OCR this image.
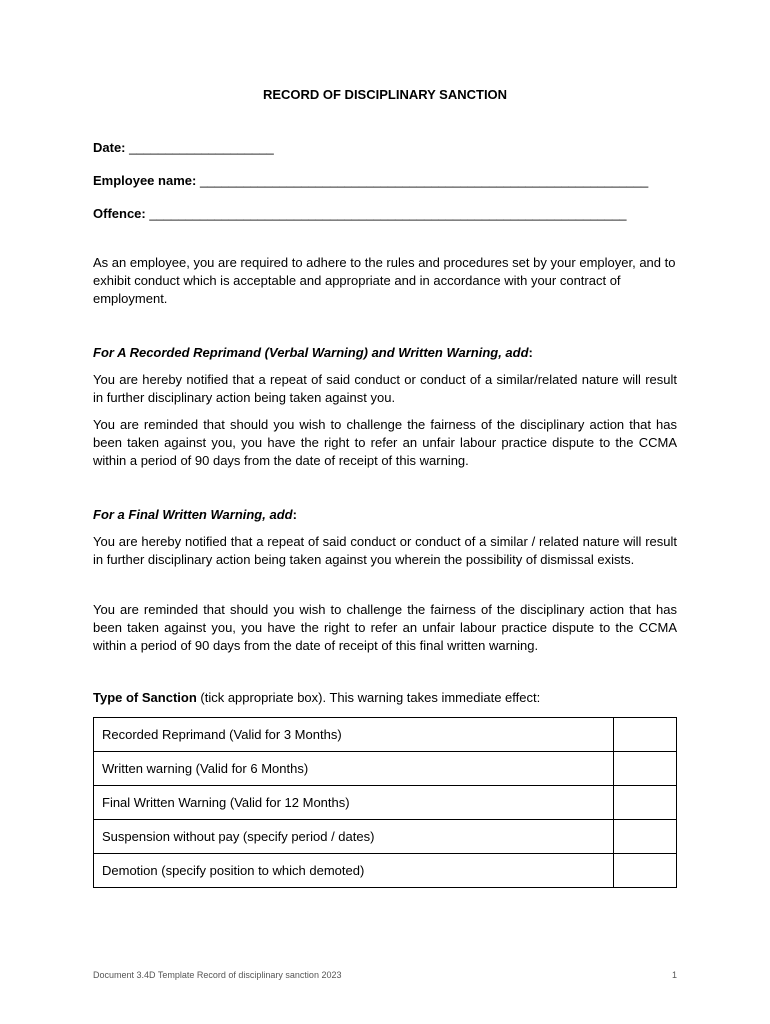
RECORD OF DISCIPLINARY SANCTION
Date: ____________________
Employee name: ______________________________________________________________
Offence: __________________________________________________________________

As an employee, you are required to adhere to the rules and procedures set by your employer, and to exhibit conduct which is acceptable and appropriate and in accordance with your contract of employment.

For A Recorded Reprimand (Verbal Warning) and Written Warning, add:

You are hereby notified that a repeat of said conduct or conduct of a similar/related nature will result in further disciplinary action being taken against you.

You are reminded that should you wish to challenge the fairness of the disciplinary action that has been taken against you, you have the right to refer an unfair labour practice dispute to the CCMA within a period of 90 days from the date of receipt of this warning.

For a Final Written Warning, add:

You are hereby notified that a repeat of said conduct or conduct of a similar / related nature will result in further disciplinary action being taken against you wherein the possibility of dismissal exists.

You are reminded that should you wish to challenge the fairness of the disciplinary action that has been taken against you, you have the right to refer an unfair labour practice dispute to the CCMA within a period of 90 days from the date of receipt of this final written warning.

Type of Sanction (tick appropriate box). This warning takes immediate effect:
Recorded Reprimand (Valid for 3 Months)	
Written warning (Valid for 6 Months)	
Final Written Warning (Valid for 12 Months)	
Suspension without pay (specify period / dates)	
Demotion (specify position to which demoted)	
Document 3.4D Template Record of disciplinary sanction 2023	1
